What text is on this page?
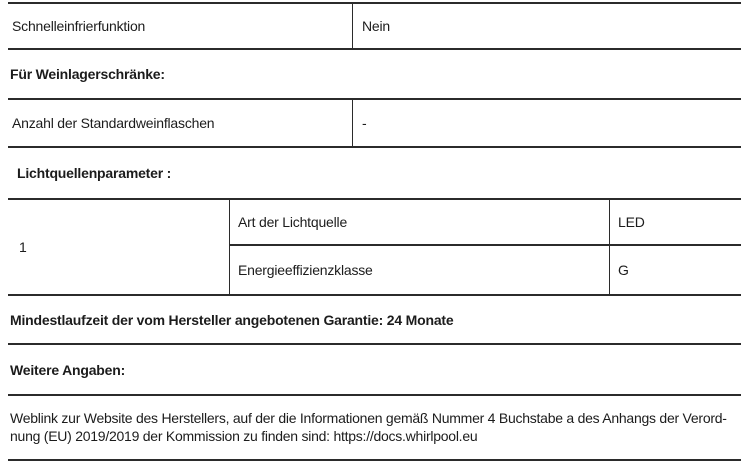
Schnelleinfrierfunktion	Nein
Für Weinlagerschränke:
Anzahl der Standardweinflaschen	-
Lichtquellenparameter :
1
Art der Lichtquelle	LED
Energieeffizienzklasse	G
Mindestlaufzeit der vom Hersteller angebotenen Garantie: 24 Monate
Weitere Angaben:
Weblink zur Website des Herstellers, auf der die Informationen gemäß Nummer 4 Buchstabe a des Anhangs der Verord-
nung (EU) 2019/2019 der Kommission zu finden sind: https://docs.whirlpool.eu
